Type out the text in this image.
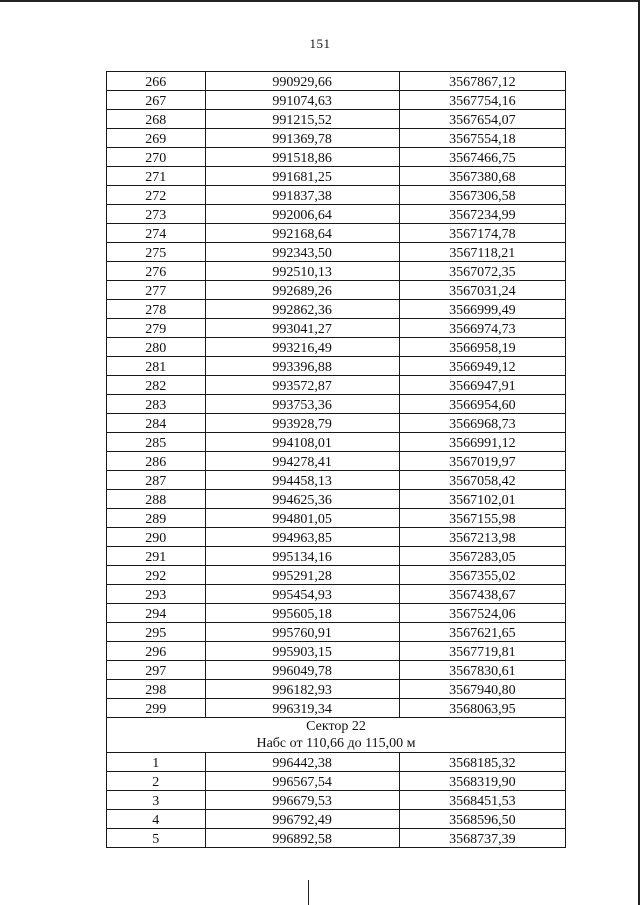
151
266	990929,66	3567867,12
267	991074,63	3567754,16
268	991215,52	3567654,07
269	991369,78	3567554,18
270	991518,86	3567466,75
271	991681,25	3567380,68
272	991837,38	3567306,58
273	992006,64	3567234,99
274	992168,64	3567174,78
275	992343,50	3567118,21
276	992510,13	3567072,35
277	992689,26	3567031,24
278	992862,36	3566999,49
279	993041,27	3566974,73
280	993216,49	3566958,19
281	993396,88	3566949,12
282	993572,87	3566947,91
283	993753,36	3566954,60
284	993928,79	3566968,73
285	994108,01	3566991,12
286	994278,41	3567019,97
287	994458,13	3567058,42
288	994625,36	3567102,01
289	994801,05	3567155,98
290	994963,85	3567213,98
291	995134,16	3567283,05
292	995291,28	3567355,02
293	995454,93	3567438,67
294	995605,18	3567524,06
295	995760,91	3567621,65
296	995903,15	3567719,81
297	996049,78	3567830,61
298	996182,93	3567940,80
299	996319,34	3568063,95

Сектор 22
Набс от 110,66 до 115,00 м		

1	996442,38	3568185,32
2	996567,54	3568319,90
3	996679,53	3568451,53
4	996792,49	3568596,50
5	996892,58	3568737,39
